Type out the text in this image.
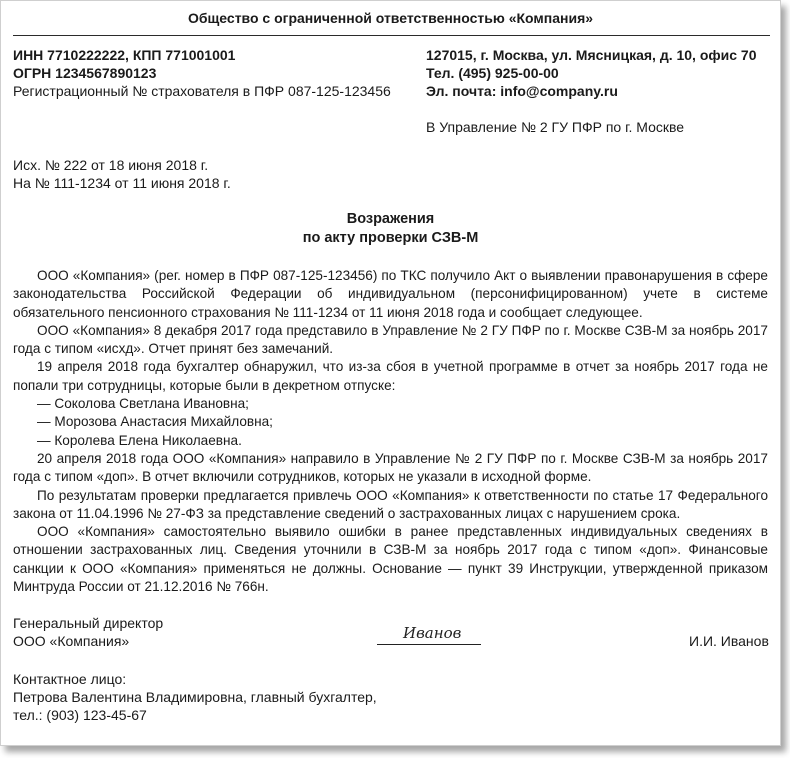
Общество с ограниченной ответственностью «Компания»
ИНН 7710222222, КПП 771001001
ОГРН 1234567890123
Регистрационный № страхователя в ПФР 087-125-123456
127015, г. Москва, ул. Мясницкая, д. 10, офис 70
Тел. (495) 925-00-00
Эл. почта: info@company.ru
В Управление № 2 ГУ ПФР по г. Москве
Исх. № 222 от 18 июня 2018 г.
На № 111-1234 от 11 июня 2018 г.
Возражения
по акту проверки СЗВ-М

ООО «Компания» (рег. номер в ПФР 087-125-123456) по ТКС получило Акт о выявлении правонарушения в сфере законодательства Российской Федерации об индивидуальном (персонифицированном) учете в системе обязательного пенсионного страхования № 111-1234 от 11 июня 2018 года и сообщает следующее.

ООО «Компания» 8 декабря 2017 года представило в Управление № 2 ГУ ПФР по г. Москве СЗВ-М за ноябрь 2017 года с типом «исхд». Отчет принят без замечаний.

19 апреля 2018 года бухгалтер обнаружил, что из-за сбоя в учетной программе в отчет за ноябрь 2017 года не попали три сотрудницы, которые были в декретном отпуске:

— Соколова Светлана Ивановна;

— Морозова Анастасия Михайловна;

— Королева Елена Николаевна.

20 апреля 2018 года ООО «Компания» направило в Управление № 2 ГУ ПФР по г. Москве СЗВ-М за ноябрь 2017 года с типом «доп». В отчет включили сотрудников, которых не указали в исходной форме.

По результатам проверки предлагается привлечь ООО «Компания» к ответственности по статье 17 Федерального закона от 11.04.1996 № 27-ФЗ за представление сведений о застрахованных лицах с нарушением срока.

ООО «Компания» самостоятельно выявило ошибки в ранее представленных индивидуальных сведениях в отношении застрахованных лиц. Сведения уточнили в СЗВ-М за ноябрь 2017 года с типом «доп». Финансовые санкции к ООО «Компания» применяться не должны. Основание — пункт 39 Инструкции, утвержденной приказом Минтруда России от 21.12.2016 № 766н.

Генеральный директор
ООО «Компания»	Иванов	И.И. Иванов
Контактное лицо:
Петрова Валентина Владимировна, главный бухгалтер,
тел.: (903) 123-45-67
